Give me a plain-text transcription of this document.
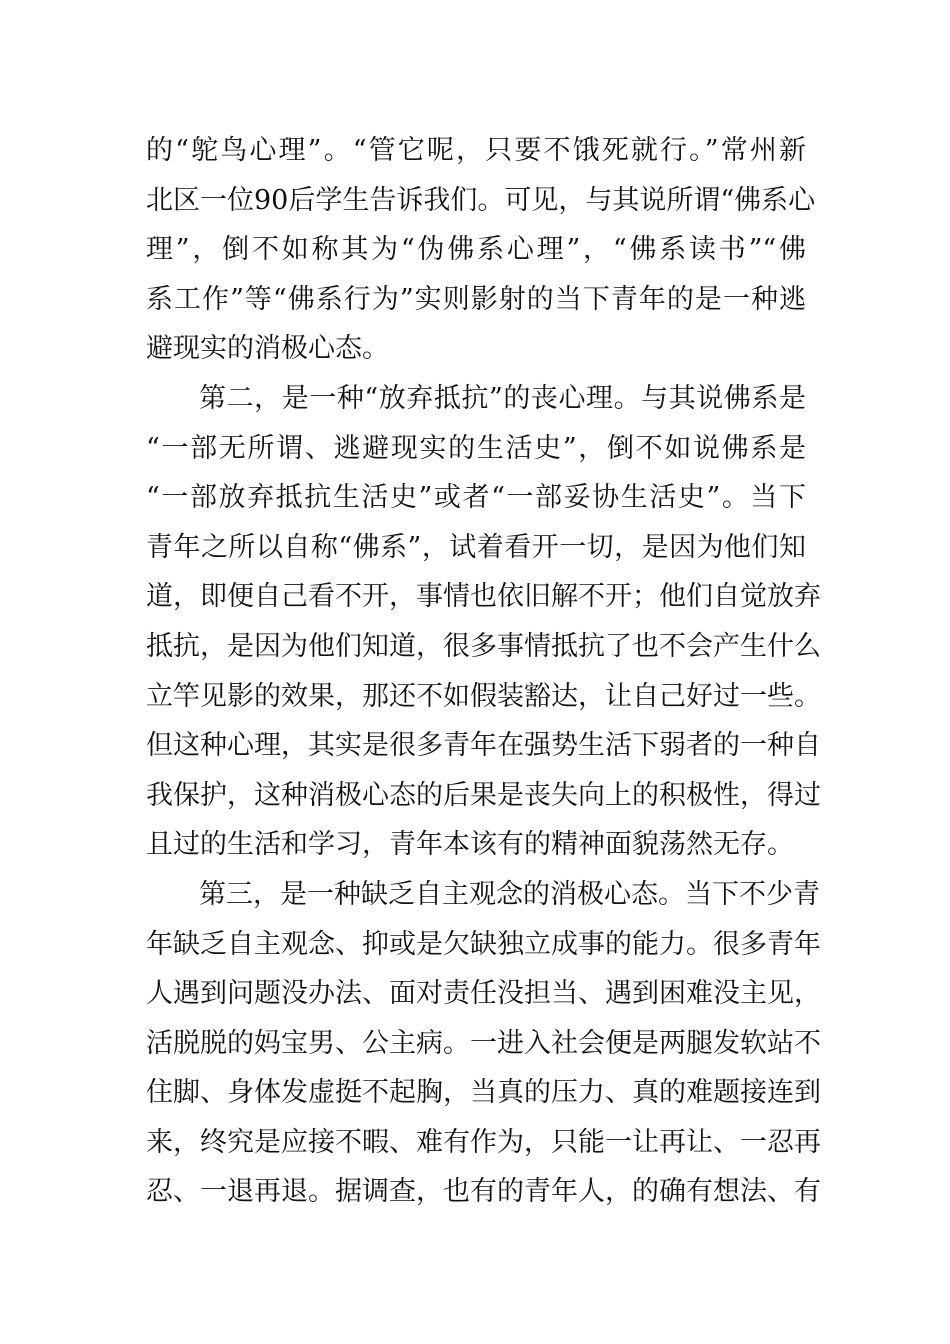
的“鸵鸟心理”。“管它呢，只要不饿死就行。”常州新
北区一位90后学生告诉我们。可见，与其说所谓“佛系心
理”，倒不如称其为“伪佛系心理”，“佛系读书”“佛
系工作”等“佛系行为”实则影射的当下青年的是一种逃
避现实的消极心态。
第二，是一种“放弃抵抗”的丧心理。与其说佛系是
“一部无所谓、逃避现实的生活史”，倒不如说佛系是
“一部放弃抵抗生活史”或者“一部妥协生活史”。当下
青年之所以自称“佛系”，试着看开一切，是因为他们知
道，即便自己看不开，事情也依旧解不开；他们自觉放弃
抵抗，是因为他们知道，很多事情抵抗了也不会产生什么
立竿见影的效果，那还不如假装豁达，让自己好过一些。
但这种心理，其实是很多青年在强势生活下弱者的一种自
我保护，这种消极心态的后果是丧失向上的积极性，得过
且过的生活和学习，青年本该有的精神面貌荡然无存。
第三，是一种缺乏自主观念的消极心态。当下不少青
年缺乏自主观念、抑或是欠缺独立成事的能力。很多青年
人遇到问题没办法、面对责任没担当、遇到困难没主见，
活脱脱的妈宝男、公主病。一进入社会便是两腿发软站不
住脚、身体发虚挺不起胸，当真的压力、真的难题接连到
来，终究是应接不暇、难有作为，只能一让再让、一忍再
忍、一退再退。据调查，也有的青年人，的确有想法、有
